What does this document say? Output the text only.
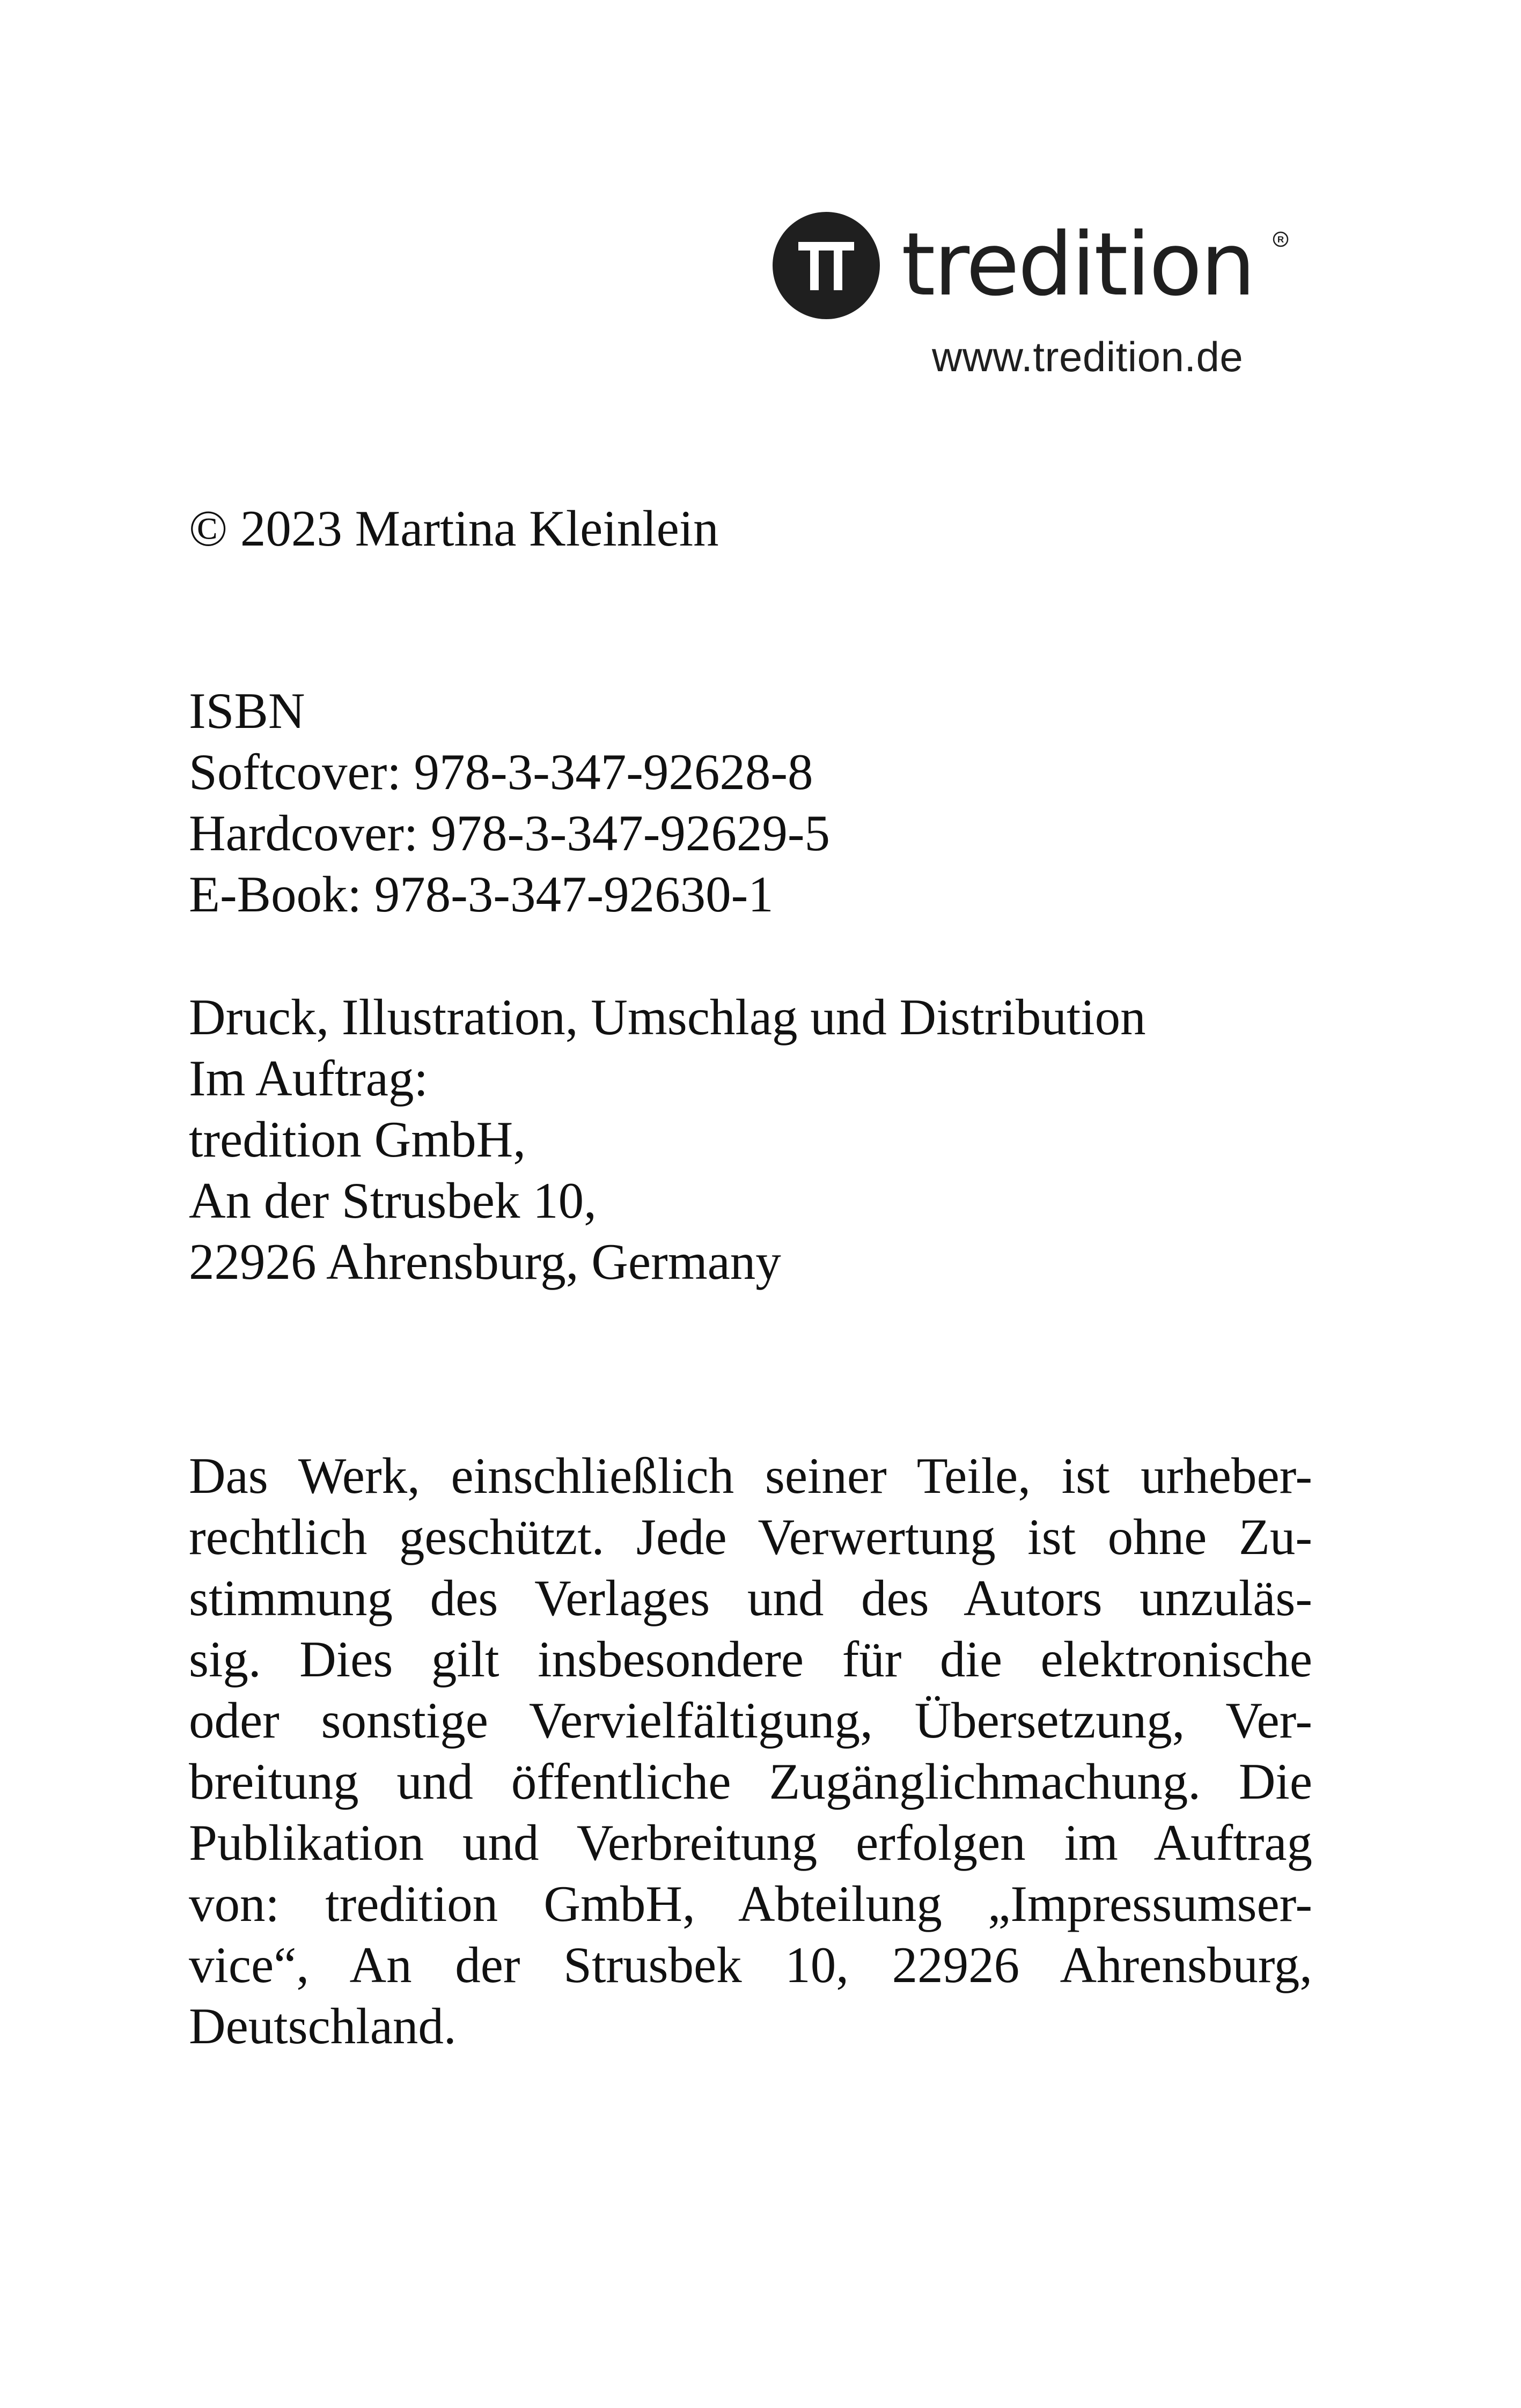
tredition	R
www.tredition.de
© 2023 Martina Kleinlein
ISBN
Softcover: 978-3-347-92628-8
Hardcover: 978-3-347-92629-5
E-Book: 978-3-347-92630-1
Druck, Illustration, Umschlag und Distribution
Im Auftrag:
tredition GmbH,
An der Strusbek 10,
22926 Ahrensburg, Germany
Das Werk, einschließlich seiner Teile, ist urheber-
rechtlich geschützt. Jede Verwertung ist ohne Zu-
stimmung des Verlages und des Autors unzuläs-
sig. Dies gilt insbesondere für die elektronische
oder sonstige Vervielfältigung, Übersetzung, Ver-
breitung und öffentliche Zugänglichmachung. Die
Publikation und Verbreitung erfolgen im Auftrag
von: tredition GmbH, Abteilung „Impressumser-
vice“, An der Strusbek 10, 22926 Ahrensburg,
Deutschland.
